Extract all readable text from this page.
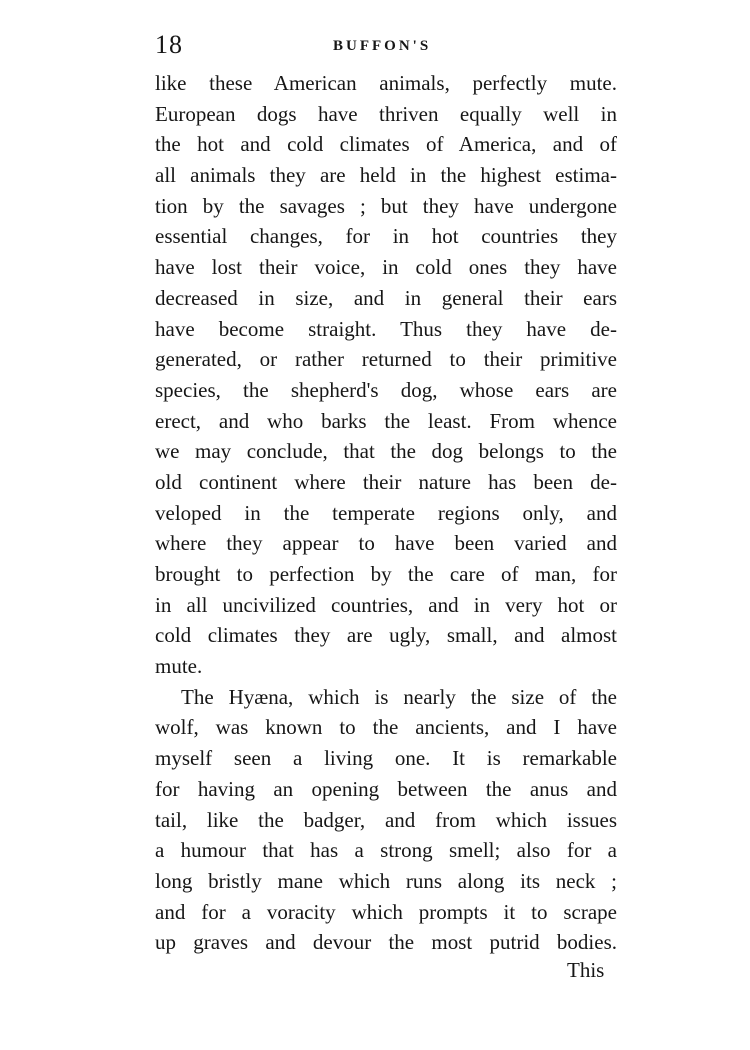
18	BUFFON'S
like these American animals, perfectly mute.
European dogs have thriven equally well in
the hot and cold climates of America, and of
all animals they are held in the highest estima-
tion by the savages ; but they have undergone
essential changes, for in hot countries they
have lost their voice, in cold ones they have
decreased in size, and in general their ears
have become straight. Thus they have de-
generated, or rather returned to their primitive
species, the shepherd's dog, whose ears are
erect, and who barks the least. From whence
we may conclude, that the dog belongs to the
old continent where their nature has been de-
veloped in the temperate regions only, and
where they appear to have been varied and
brought to perfection by the care of man, for
in all uncivilized countries, and in very hot or
cold climates they are ugly, small, and almost
mute.
The Hyæna, which is nearly the size of the
wolf, was known to the ancients, and I have
myself seen a living one. It is remarkable
for having an opening between the anus and
tail, like the badger, and from which issues
a humour that has a strong smell; also for a
long bristly mane which runs along its neck ;
and for a voracity which prompts it to scrape
up graves and devour the most putrid bodies.
This
